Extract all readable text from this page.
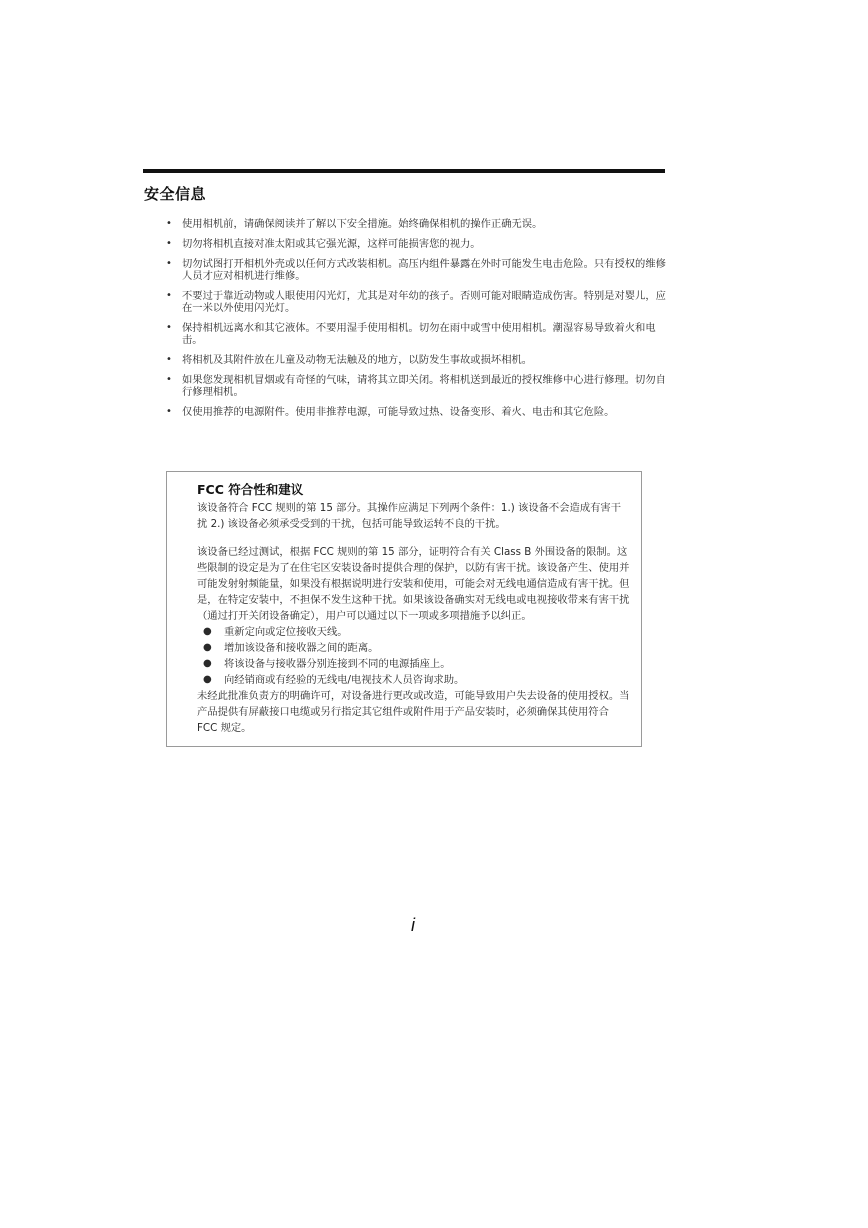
安全信息
• 使用相机前，请确保阅读并了解以下安全措施。始终确保相机的操作正确无误。
• 切勿将相机直接对准太阳或其它强光源，这样可能损害您的视力。
• 切勿试图打开相机外壳或以任何方式改装相机。高压内组件暴露在外时可能发生电击危险。只有授权的维修人员才应对相机进行维修。
• 不要过于靠近动物或人眼使用闪光灯，尤其是对年幼的孩子。否则可能对眼睛造成伤害。特别是对婴儿，应在一米以外使用闪光灯。
• 保持相机远离水和其它液体。不要用湿手使用相机。切勿在雨中或雪中使用相机。潮湿容易导致着火和电击。
• 将相机及其附件放在儿童及动物无法触及的地方，以防发生事故或损坏相机。
• 如果您发现相机冒烟或有奇怪的气味，请将其立即关闭。将相机送到最近的授权维修中心进行修理。切勿自行修理相机。
• 仅使用推荐的电源附件。使用非推荐电源，可能导致过热、设备变形、着火、电击和其它危险。
FCC 符合性和建议

该设备符合 FCC 规则的第 15 部分。其操作应满足下列两个条件：1.) 该设备不会造成有害干扰 2.) 该设备必须承受受到的干扰，包括可能导致运转不良的干扰。

该设备已经过测试，根据 FCC 规则的第 15 部分，证明符合有关 Class B 外围设备的限制。这些限制的设定是为了在住宅区安装设备时提供合理的保护，以防有害干扰。该设备产生、使用并可能发射射频能量，如果没有根据说明进行安装和使用，可能会对无线电通信造成有害干扰。但是，在特定安装中，不担保不发生这种干扰。如果该设备确实对无线电或电视接收带来有害干扰（通过打开关闭设备确定），用户可以通过以下一项或多项措施予以纠正。

● 重新定向或定位接收天线。
● 增加该设备和接收器之间的距离。
● 将该设备与接收器分别连接到不同的电源插座上。
● 向经销商或有经验的无线电/电视技术人员咨询求助。

未经此批准负责方的明确许可，对设备进行更改或改造，可能导致用户失去设备的使用授权。当产品提供有屏蔽接口电缆或另行指定其它组件或附件用于产品安装时，必须确保其使用符合 FCC 规定。

i
